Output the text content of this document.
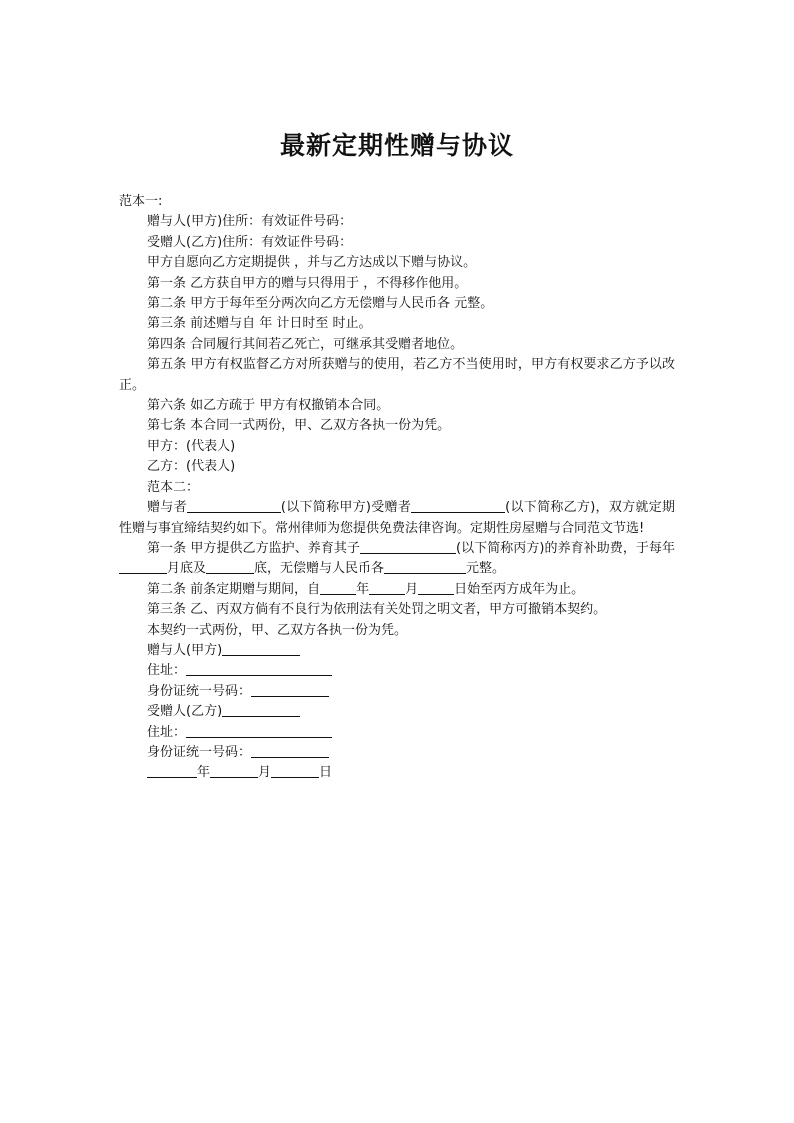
最新定期性赠与协议
范本一:
赠与人(甲方)住所：有效证件号码：
受赠人(乙方)住所：有效证件号码：
甲方自愿向乙方定期提供 ，并与乙方达成以下赠与协议。
第一条 乙方获自甲方的赠与只得用于 ，不得移作他用。
第二条 甲方于每年至分两次向乙方无偿赠与人民币各 元整。
第三条 前述赠与自 年 计日时至 时止。
第四条 合同履行其间若乙死亡，可继承其受赠者地位。
第五条 甲方有权监督乙方对所获赠与的使用，若乙方不当使用时，甲方有权要求乙方予以改正。
第六条 如乙方疏于 甲方有权撤销本合同。
第七条 本合同一式两份，甲、乙双方各执一份为凭。
甲方：(代表人)
乙方：(代表人)
范本二：
赠与者	(以下简称甲方)受赠者	(以下简称乙方)，双方就定期性赠与事宜缔结契约如下。常州律师为您提供免费法律咨询。定期性房屋赠与合同范文节选!
第一条 甲方提供乙方监护、养育其子	(以下简称丙方)的养育补助费，于每年月底及	底，无偿赠与人民币各	元整。
第二条 前条定期赠与期间，自	年	月	日始至丙方成年为止。
第三条 乙、丙双方倘有不良行为依刑法有关处罚之明文者，甲方可撤销本契约。
本契约一式两份，甲、乙双方各执一份为凭。
赠与人(甲方)
住址：
身份证统一号码：
受赠人(乙方)
住址：
身份证统一号码：
年	月	日
